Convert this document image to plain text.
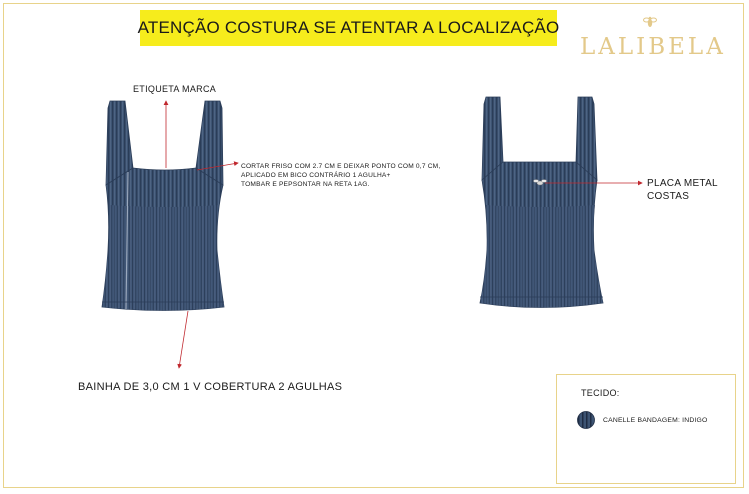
ATENÇÃO COSTURA SE ATENTAR A LOCALIZAÇÃO
LALIBELA
ETIQUETA MARCA
CORTAR FRISO COM 2.7 CM E DEIXAR PONTO COM 0,7 CM,
APLICADO EM BICO CONTRÁRIO 1 AGULHA+
TOMBAR E PEPSONTAR NA RETA 1AG.	PLACA METAL
COSTAS
BAINHA DE 3,0 CM 1 V COBERTURA 2 AGULHAS	TECIDO:
CANELLE BANDAGEM: INDIGO
